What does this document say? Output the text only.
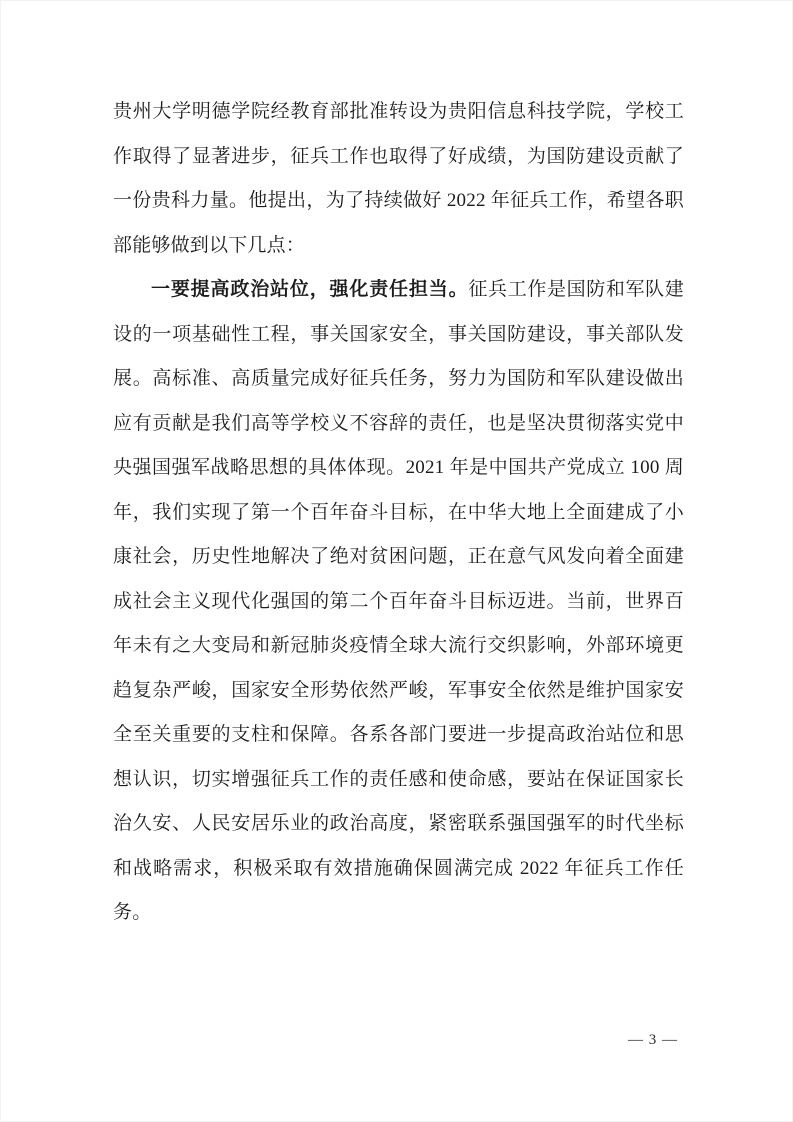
贵州大学明德学院经教育部批准转设为贵阳信息科技学院，学校工作取得了显著进步，征兵工作也取得了好成绩，为国防建设贡献了一份贵科力量。他提出，为了持续做好 2022 年征兵工作，希望各职部能够做到以下几点：

一要提高政治站位，强化责任担当。征兵工作是国防和军队建设的一项基础性工程，事关国家安全，事关国防建设，事关部队发展。高标准、高质量完成好征兵任务，努力为国防和军队建设做出应有贡献是我们高等学校义不容辞的责任，也是坚决贯彻落实党中央强国强军战略思想的具体体现。2021 年是中国共产党成立 100 周年，我们实现了第一个百年奋斗目标，在中华大地上全面建成了小康社会，历史性地解决了绝对贫困问题，正在意气风发向着全面建成社会主义现代化强国的第二个百年奋斗目标迈进。当前，世界百年未有之大变局和新冠肺炎疫情全球大流行交织影响，外部环境更趋复杂严峻，国家安全形势依然严峻，军事安全依然是维护国家安全至关重要的支柱和保障。各系各部门要进一步提高政治站位和思想认识，切实增强征兵工作的责任感和使命感，要站在保证国家长治久安、人民安居乐业的政治高度，紧密联系强国强军的时代坐标和战略需求，积极采取有效措施确保圆满完成 2022 年征兵工作任务。

— 3 —
